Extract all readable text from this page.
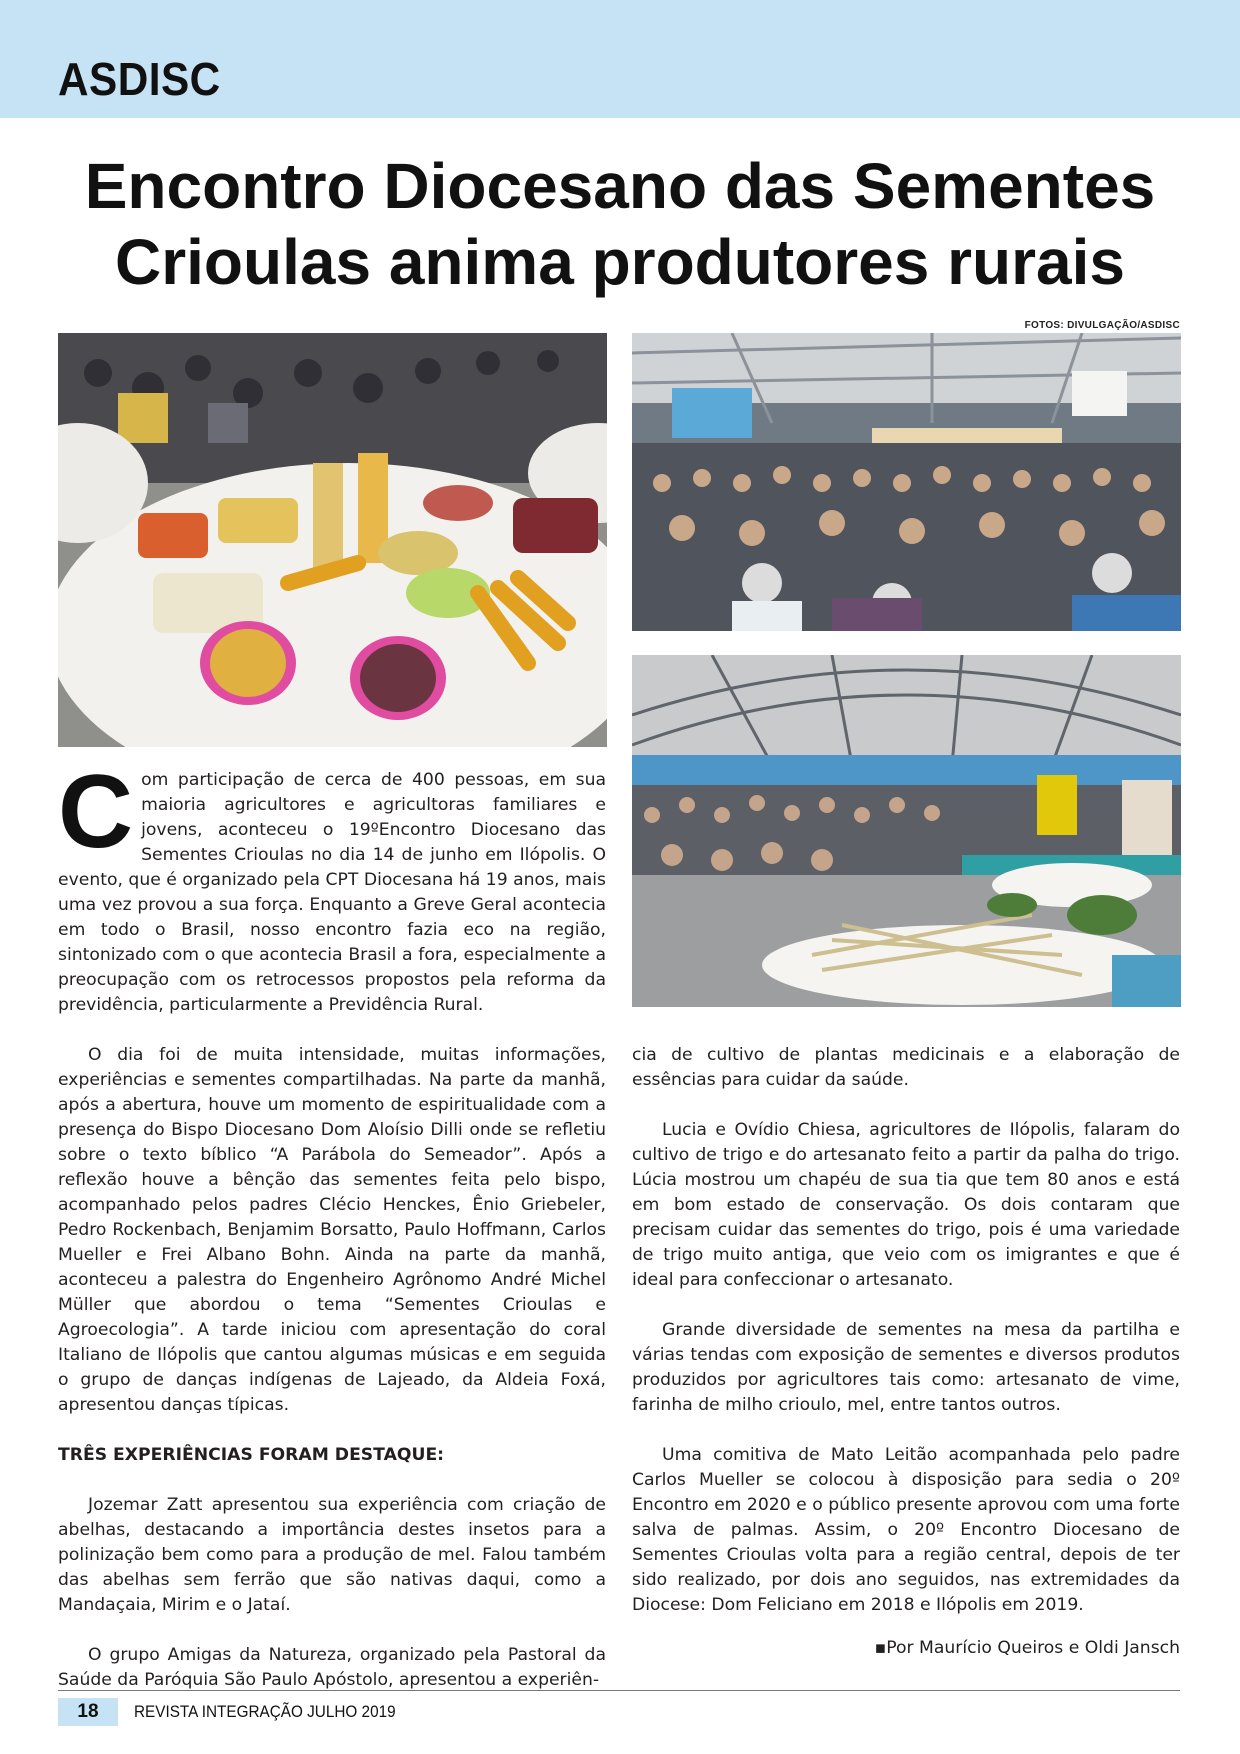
ASDISC
Encontro Diocesano das Sementes
Crioulas anima produtores rurais
FOTOS: DIVULGAÇÃO/ASDISC

Com participação de cerca de 400 pessoas, em sua maioria agricultores e agricultoras familiares e jovens, aconteceu o 19ºEncontro Diocesano das Sementes Crioulas no dia 14 de junho em Ilópolis. O evento, que é organizado pela CPT Diocesana há 19 anos, mais uma vez provou a sua força. Enquanto a Greve Geral acontecia em todo o Brasil, nosso encontro fazia eco na região, sintonizado com o que acontecia Brasil a fora, especialmente a preocupação com os retrocessos propostos pela reforma da previdência, particularmente a Previdência Rural.

O dia foi de muita intensidade, muitas informações, experiências e sementes compartilhadas. Na parte da manhã, após a abertura, houve um momento de espiritualidade com a presença do Bispo Diocesano Dom Aloísio Dilli onde se refletiu sobre o texto bíblico “A Parábola do Semeador”. Após a reflexão houve a bênção das sementes feita pelo bispo, acompanhado pelos padres Clécio Henckes, Ênio Griebeler, Pedro Rockenbach, Benjamim Borsatto, Paulo Hoffmann, Carlos Mueller e Frei Albano Bohn. Ainda na parte da manhã, aconteceu a palestra do Engenheiro Agrônomo André Michel Müller que abordou o tema “Sementes Crioulas e Agroecologia”. A tarde iniciou com apresentação do coral Italiano de Ilópolis que cantou algumas músicas e em seguida o grupo de danças indígenas de Lajeado, da Aldeia Foxá, apresentou danças típicas.

TRÊS EXPERIÊNCIAS FORAM DESTAQUE:

Jozemar Zatt apresentou sua experiência com criação de abelhas, destacando a importância destes insetos para a polinização bem como para a produção de mel. Falou também das abelhas sem ferrão que são nativas daqui, como a Mandaçaia, Mirim e o Jataí.

O grupo Amigas da Natureza, organizado pela Pastoral da Saúde da Paróquia São Paulo Apóstolo, apresentou a experiên-

cia de cultivo de plantas medicinais e a elaboração de essências para cuidar da saúde.

Lucia e Ovídio Chiesa, agricultores de Ilópolis, falaram do cultivo de trigo e do artesanato feito a partir da palha do trigo. Lúcia mostrou um chapéu de sua tia que tem 80 anos e está em bom estado de conservação. Os dois contaram que precisam cuidar das sementes do trigo, pois é uma variedade de trigo muito antiga, que veio com os imigrantes e que é ideal para confeccionar o artesanato.

Grande diversidade de sementes na mesa da partilha e várias tendas com exposição de sementes e diversos produtos produzidos por agricultores tais como: artesanato de vime, farinha de milho crioulo, mel, entre tantos outros.

Uma comitiva de Mato Leitão acompanhada pelo padre Carlos Mueller se colocou à disposição para sedia o 20º Encontro em 2020 e o público presente aprovou com uma forte salva de palmas. Assim, o 20º Encontro Diocesano de Sementes Crioulas volta para a região central, depois de ter sido realizado, por dois ano seguidos, nas extremidades da Diocese: Dom Feliciano em 2018 e Ilópolis em 2019.

▪Por Maurício Queiros e Oldi Jansch
18	REVISTA INTEGRAÇÃO JULHO 2019
